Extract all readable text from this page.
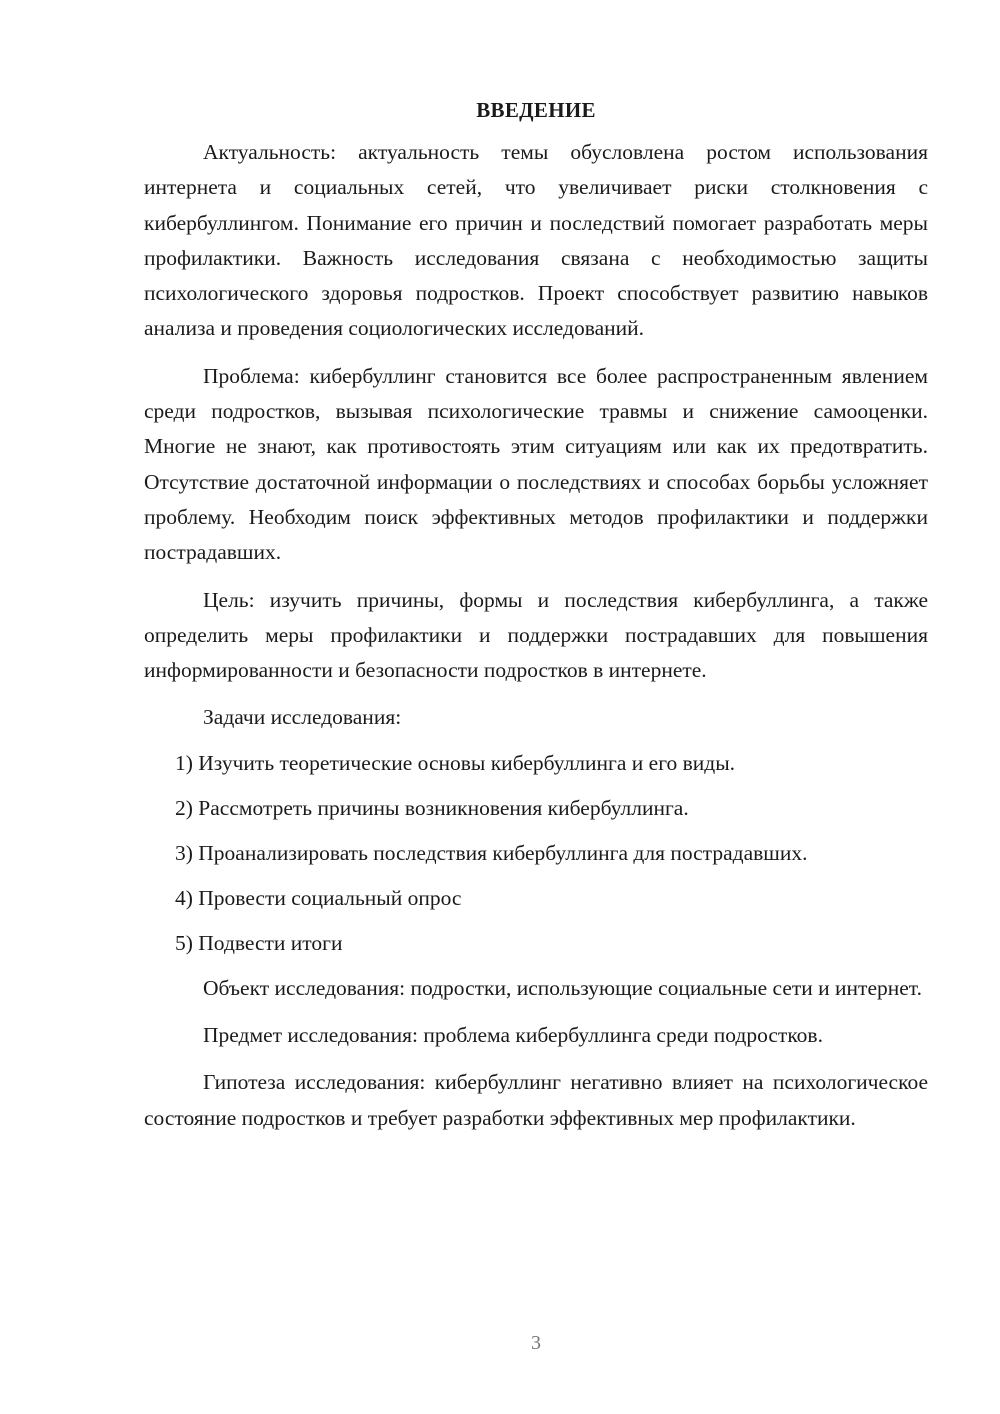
ВВЕДЕНИЕ

Актуальность: актуальность темы обусловлена ростом использования интернета и социальных сетей, что увеличивает риски столкновения с кибербуллингом. Понимание его причин и последствий помогает разработать меры профилактики. Важность исследования связана с необходимостью защиты психологического здоровья подростков. Проект способствует развитию навыков анализа и проведения социологических исследований.

Проблема: кибербуллинг становится все более распространенным явлением среди подростков, вызывая психологические травмы и снижение самооценки. Многие не знают, как противостоять этим ситуациям или как их предотвратить. Отсутствие достаточной информации о последствиях и способах борьбы усложняет проблему. Необходим поиск эффективных методов профилактики и поддержки пострадавших.

Цель: изучить причины, формы и последствия кибербуллинга, а также определить меры профилактики и поддержки пострадавших для повышения информированности и безопасности подростков в интернете.

Задачи исследования:

1) Изучить теоретические основы кибербуллинга и его виды.
2) Рассмотреть причины возникновения кибербуллинга.
3) Проанализировать последствия кибербуллинга для пострадавших.
4) Провести социальный опрос
5) Подвести итоги

Объект исследования: подростки, использующие социальные сети и интернет.

Предмет исследования: проблема кибербуллинга среди подростков.

Гипотеза исследования: кибербуллинг негативно влияет на психологическое состояние подростков и требует разработки эффективных мер профилактики.

3
